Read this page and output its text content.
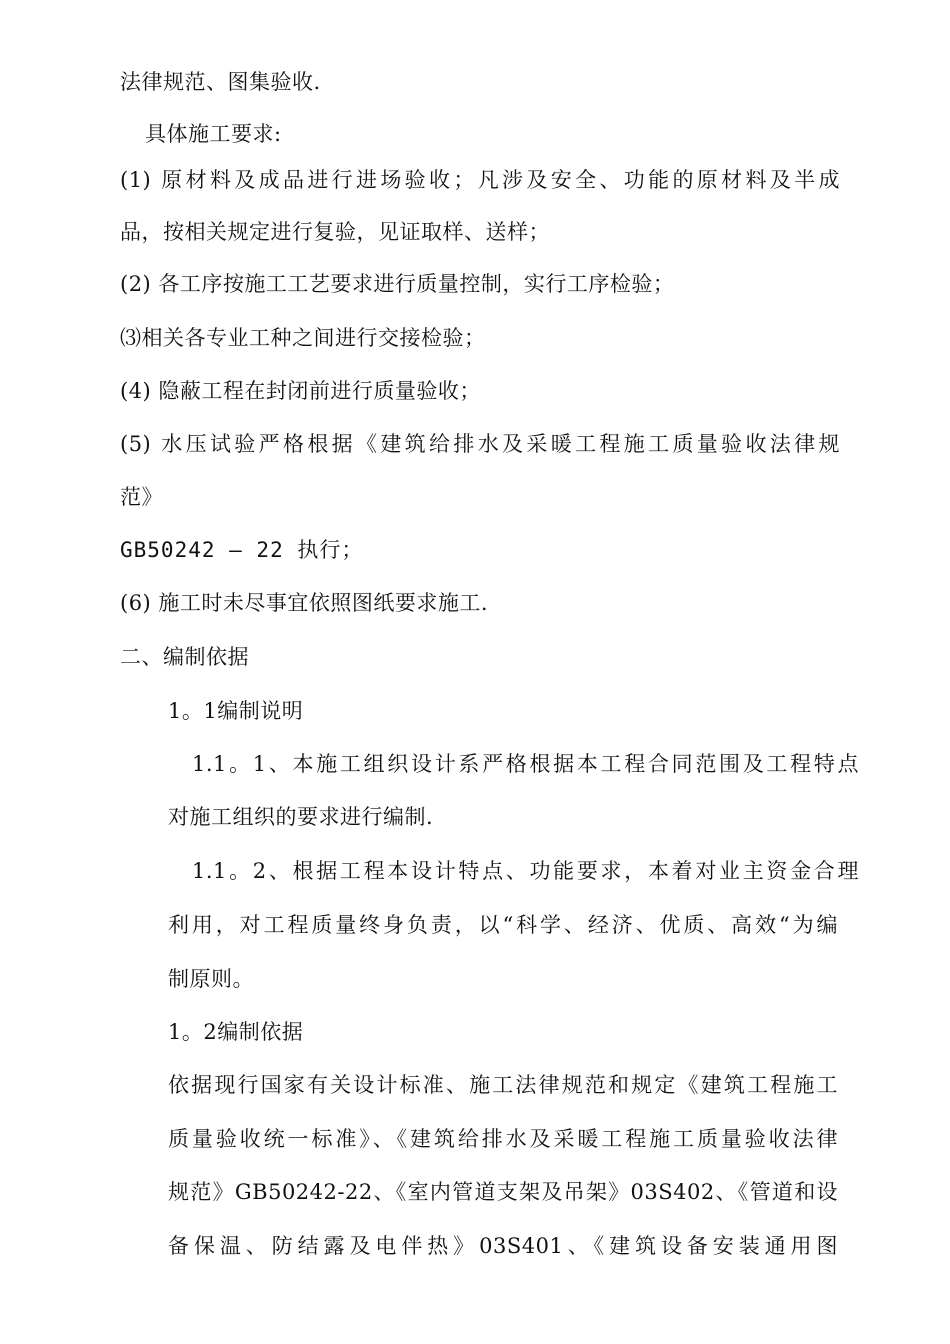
法律规范、图集验收.
具体施工要求:
(1) 原材料及成品进行进场验收；凡涉及安全、功能的原材料及半成
品，按相关规定进行复验，见证取样、送样；
(2) 各工序按施工工艺要求进行质量控制，实行工序检验；
⑶相关各专业工种之间进行交接检验；
(4) 隐蔽工程在封闭前进行质量验收；
(5) 水压试验严格根据《建筑给排水及采暖工程施工质量验收法律规
范》
GB50242 — 22 执行；
(6) 施工时未尽事宜依照图纸要求施工.
二、编制依据
1。1编制说明
1.1。1、本施工组织设计系严格根据本工程合同范围及工程特点
对施工组织的要求进行编制.
1.1。2、根据工程本设计特点、功能要求，本着对业主资金合理
利用，对工程质量终身负责，以“科学、经济、优质、高效“为编
制原则。
1。2编制依据
依据现行国家有关设计标准、施工法律规范和规定《建筑工程施工
质量验收统一标准》、《建筑给排水及采暖工程施工质量验收法律
规范》GB50242-22、《室内管道支架及吊架》03S402、《管道和设
备保温、防结露及电伴热》03S401、《建筑设备安装通用图
